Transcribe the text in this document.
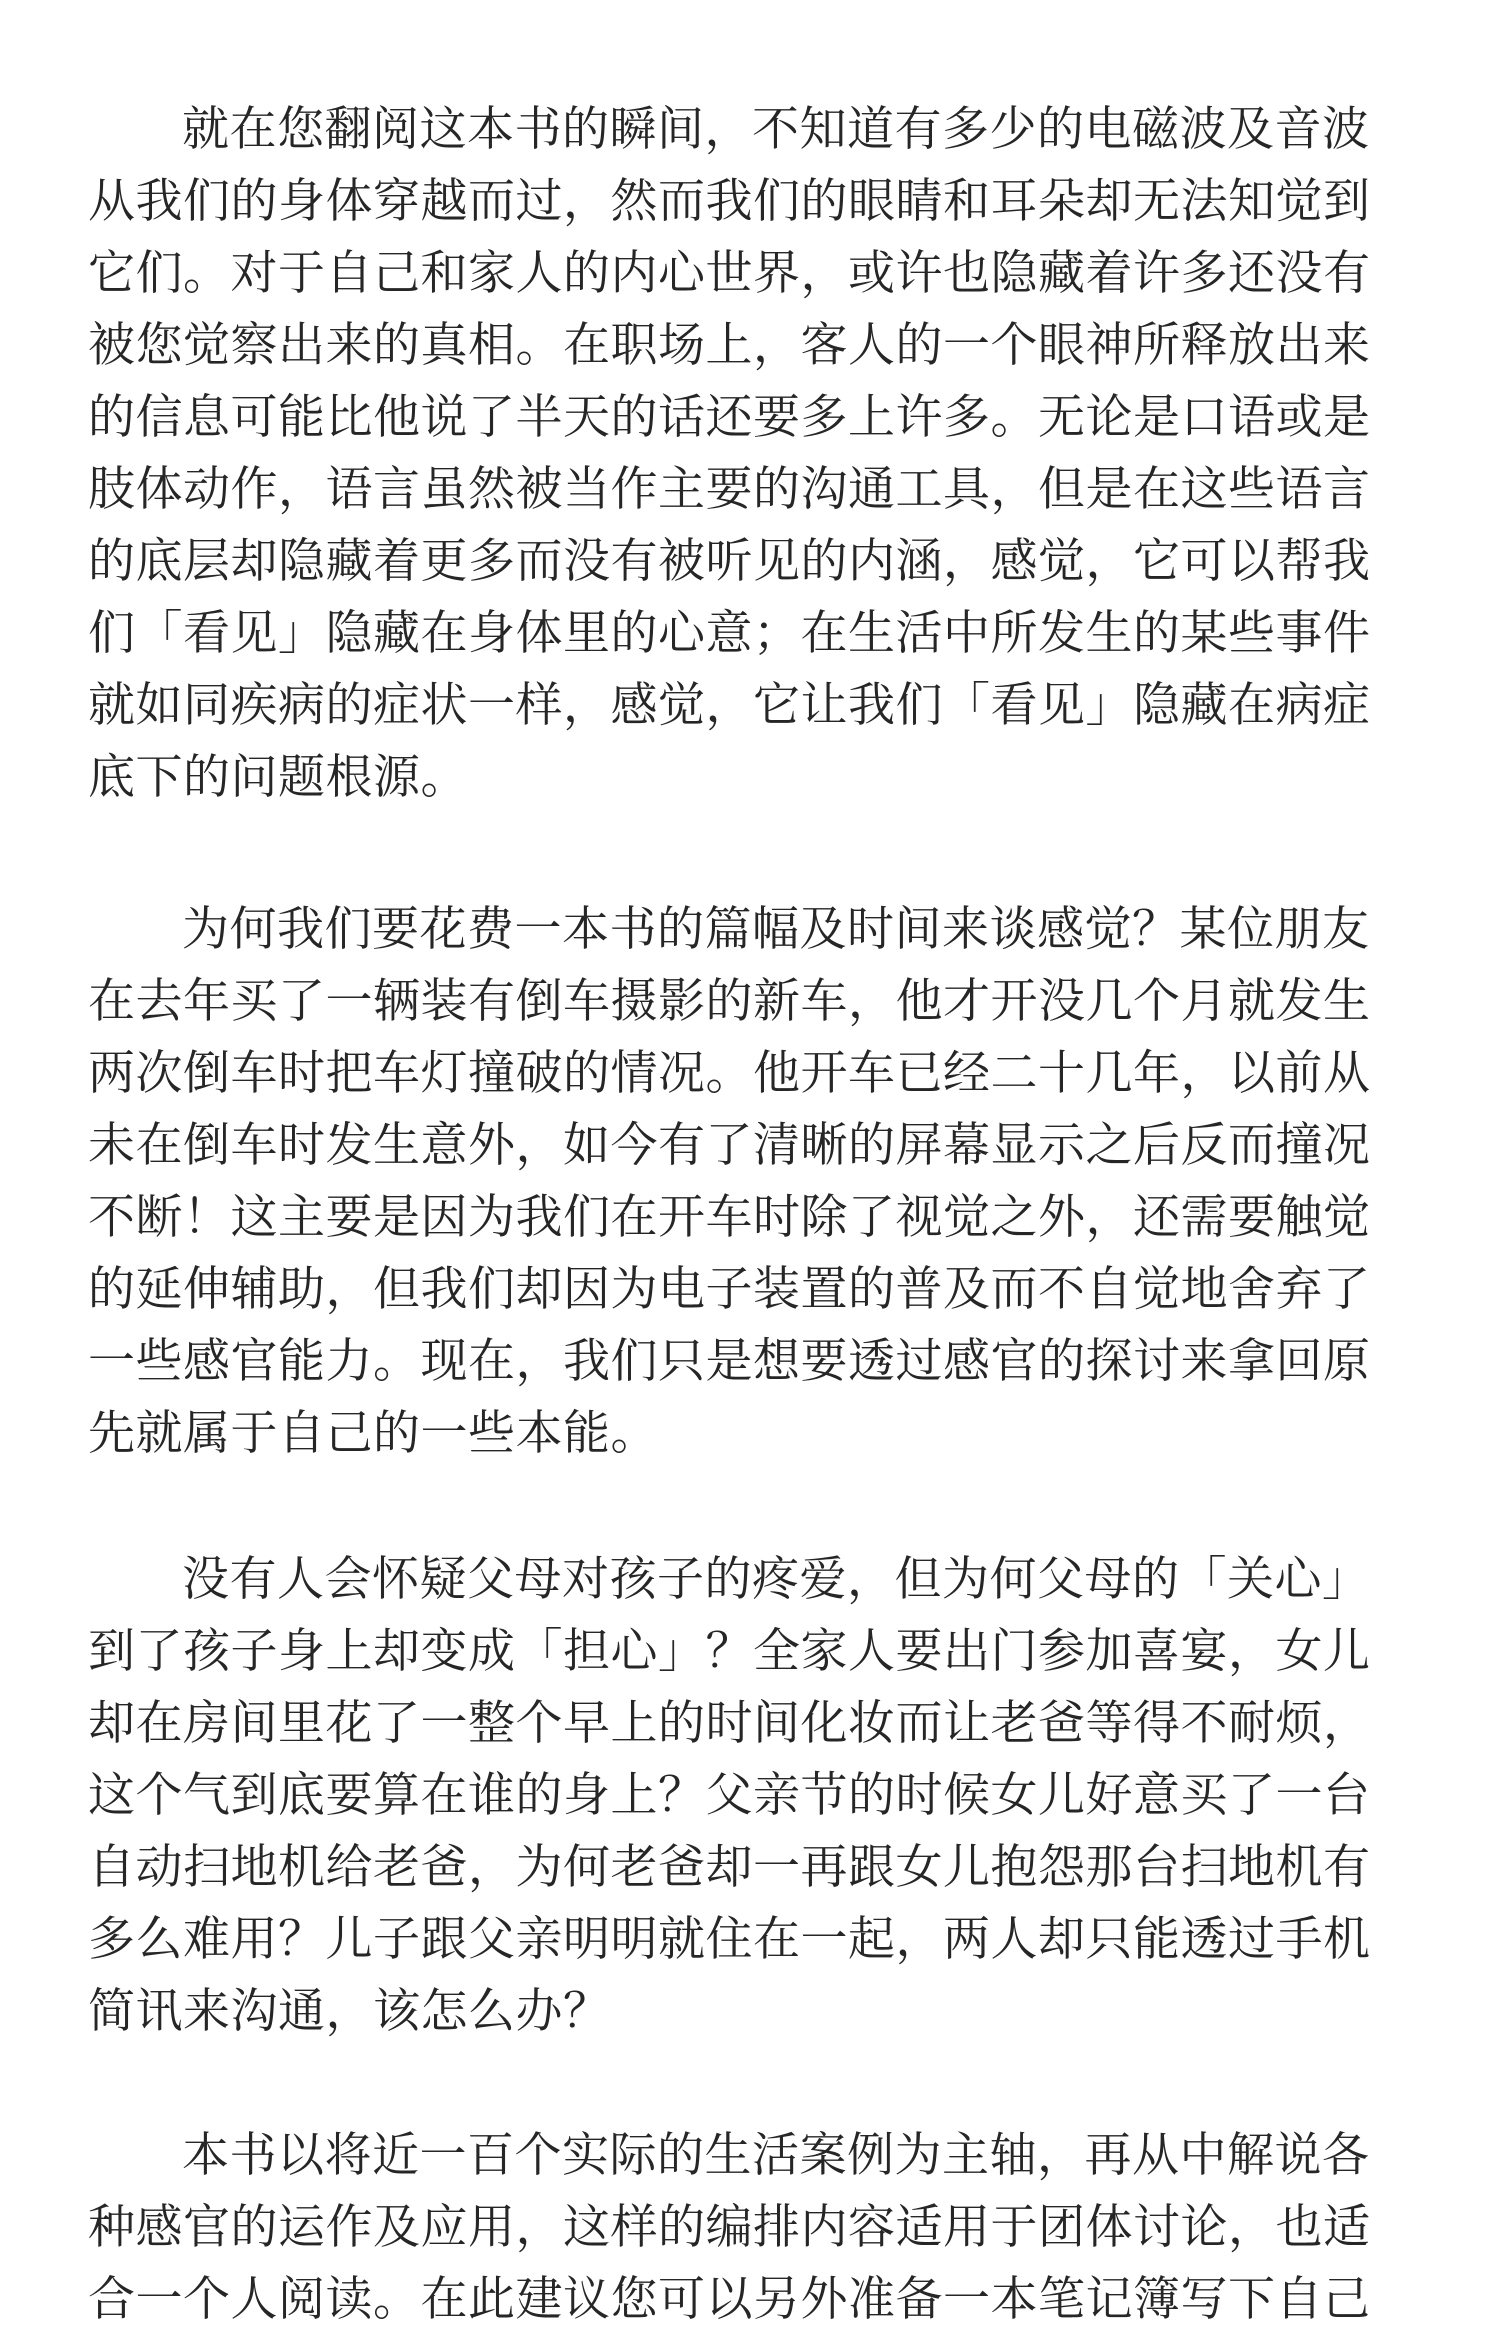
就在您翻阅这本书的瞬间，不知道有多少的电磁波及音波
从我们的身体穿越而过，然而我们的眼睛和耳朵却无法知觉到
它们。对于自己和家人的内心世界，或许也隐藏着许多还没有
被您觉察出来的真相。在职场上，客人的一个眼神所释放出来
的信息可能比他说了半天的话还要多上许多。无论是口语或是
肢体动作，语言虽然被当作主要的沟通工具，但是在这些语言
的底层却隐藏着更多而没有被听见的内涵，感觉，它可以帮我
们「看见」隐藏在身体里的心意；在生活中所发生的某些事件
就如同疾病的症状一样，感觉，它让我们「看见」隐藏在病症
底下的问题根源。
为何我们要花费一本书的篇幅及时间来谈感觉？某位朋友
在去年买了一辆装有倒车摄影的新车，他才开没几个月就发生
两次倒车时把车灯撞破的情况。他开车已经二十几年，以前从
未在倒车时发生意外，如今有了清晰的屏幕显示之后反而撞况
不断！这主要是因为我们在开车时除了视觉之外，还需要触觉
的延伸辅助，但我们却因为电子装置的普及而不自觉地舍弃了
一些感官能力。现在，我们只是想要透过感官的探讨来拿回原
先就属于自己的一些本能。
没有人会怀疑父母对孩子的疼爱，但为何父母的「关心」
到了孩子身上却变成「担心」？全家人要出门参加喜宴，女儿
却在房间里花了一整个早上的时间化妆而让老爸等得不耐烦，
这个气到底要算在谁的身上？父亲节的时候女儿好意买了一台
自动扫地机给老爸，为何老爸却一再跟女儿抱怨那台扫地机有
多么难用？儿子跟父亲明明就住在一起，两人却只能透过手机
简讯来沟通，该怎么办？
本书以将近一百个实际的生活案例为主轴，再从中解说各
种感官的运作及应用，这样的编排内容适用于团体讨论，也适
合一个人阅读。在此建议您可以另外准备一本笔记簿写下自己
